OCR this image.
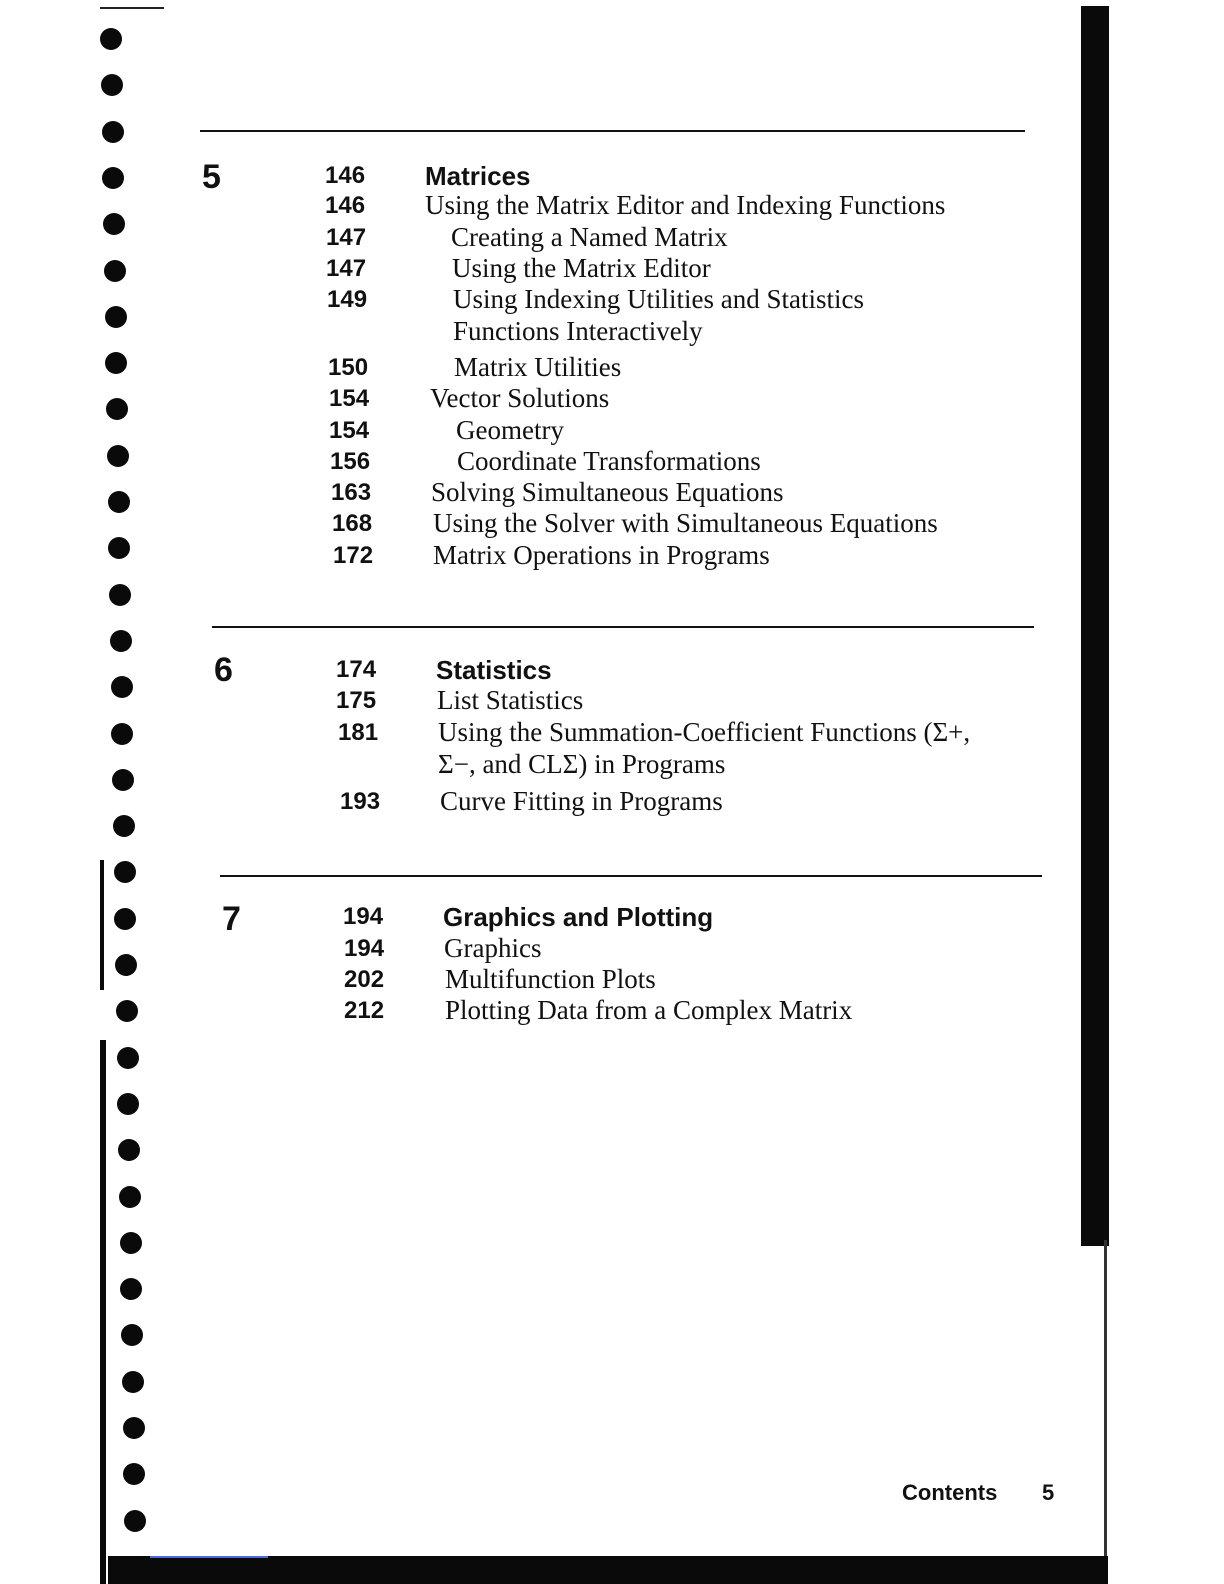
5	146 Matrices
146 Using the Matrix Editor and Indexing Functions
147	Creating a Named Matrix
147	Using the Matrix Editor
149	Using Indexing Utilities and Statistics
Functions Interactively
150	Matrix Utilities
154 Vector Solutions
154	Geometry
156	Coordinate Transformations
163 Solving Simultaneous Equations
168 Using the Solver with Simultaneous Equations
172 Matrix Operations in Programs
6	174 Statistics
175 List Statistics
181 Using the Summation-Coefficient Functions (Σ+,
Σ−, and CLΣ) in Programs
193 Curve Fitting in Programs
7	194 Graphics and Plotting
194 Graphics
202 Multifunction Plots
212 Plotting Data from a Complex Matrix
Contents 5
